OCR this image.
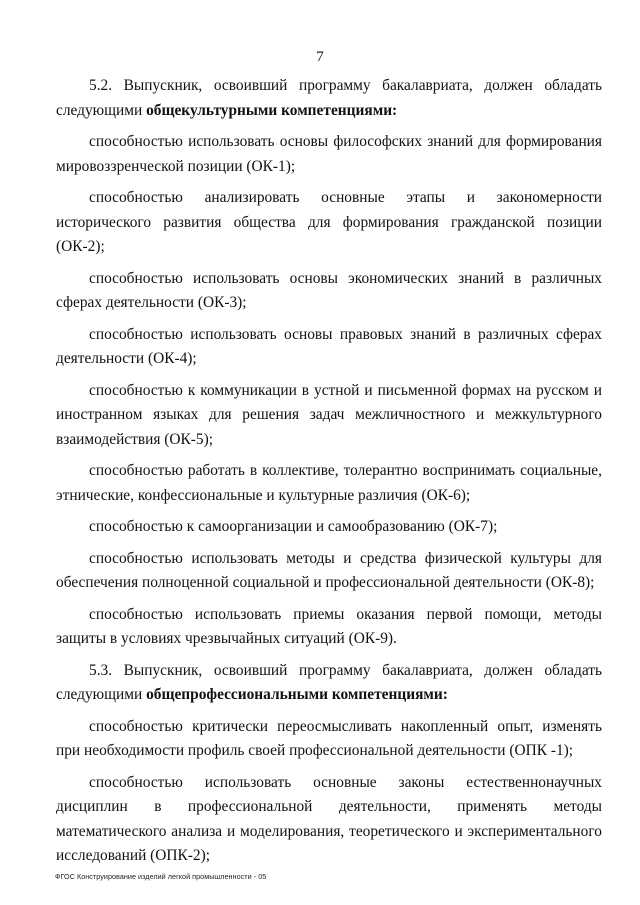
7

5.2. Выпускник, освоивший программу бакалавриата, должен обладать следующими общекультурными компетенциями:

способностью использовать основы философских знаний для формирования мировоззренческой позиции (ОК-1);

способностью анализировать основные этапы и закономерности исторического развития общества для формирования гражданской позиции (ОК-2);

способностью использовать основы экономических знаний в различных сферах деятельности (ОК-3);

способностью использовать основы правовых знаний в различных сферах деятельности (ОК-4);

способностью к коммуникации в устной и письменной формах на русском и иностранном языках для решения задач межличностного и межкультурного взаимодействия (ОК-5);

способностью работать в коллективе, толерантно воспринимать социальные, этнические, конфессиональные и культурные различия (ОК-6);

способностью к самоорганизации и самообразованию (ОК-7);

способностью использовать методы и средства физической культуры для обеспечения полноценной социальной и профессиональной деятельности (ОК-8);

способностью использовать приемы оказания первой помощи, методы защиты в условиях чрезвычайных ситуаций (ОК-9).

5.3. Выпускник, освоивший программу бакалавриата, должен обладать следующими общепрофессиональными компетенциями:

способностью критически переосмысливать накопленный опыт, изменять при необходимости профиль своей профессиональной деятельности (ОПК -1);

способностью использовать основные законы естественнонаучных дисциплин в профессиональной деятельности, применять методы математического анализа и моделирования, теоретического и экспериментального исследований (ОПК-2);

ФГОС Конструирование изделий легкой промышленности - 05
